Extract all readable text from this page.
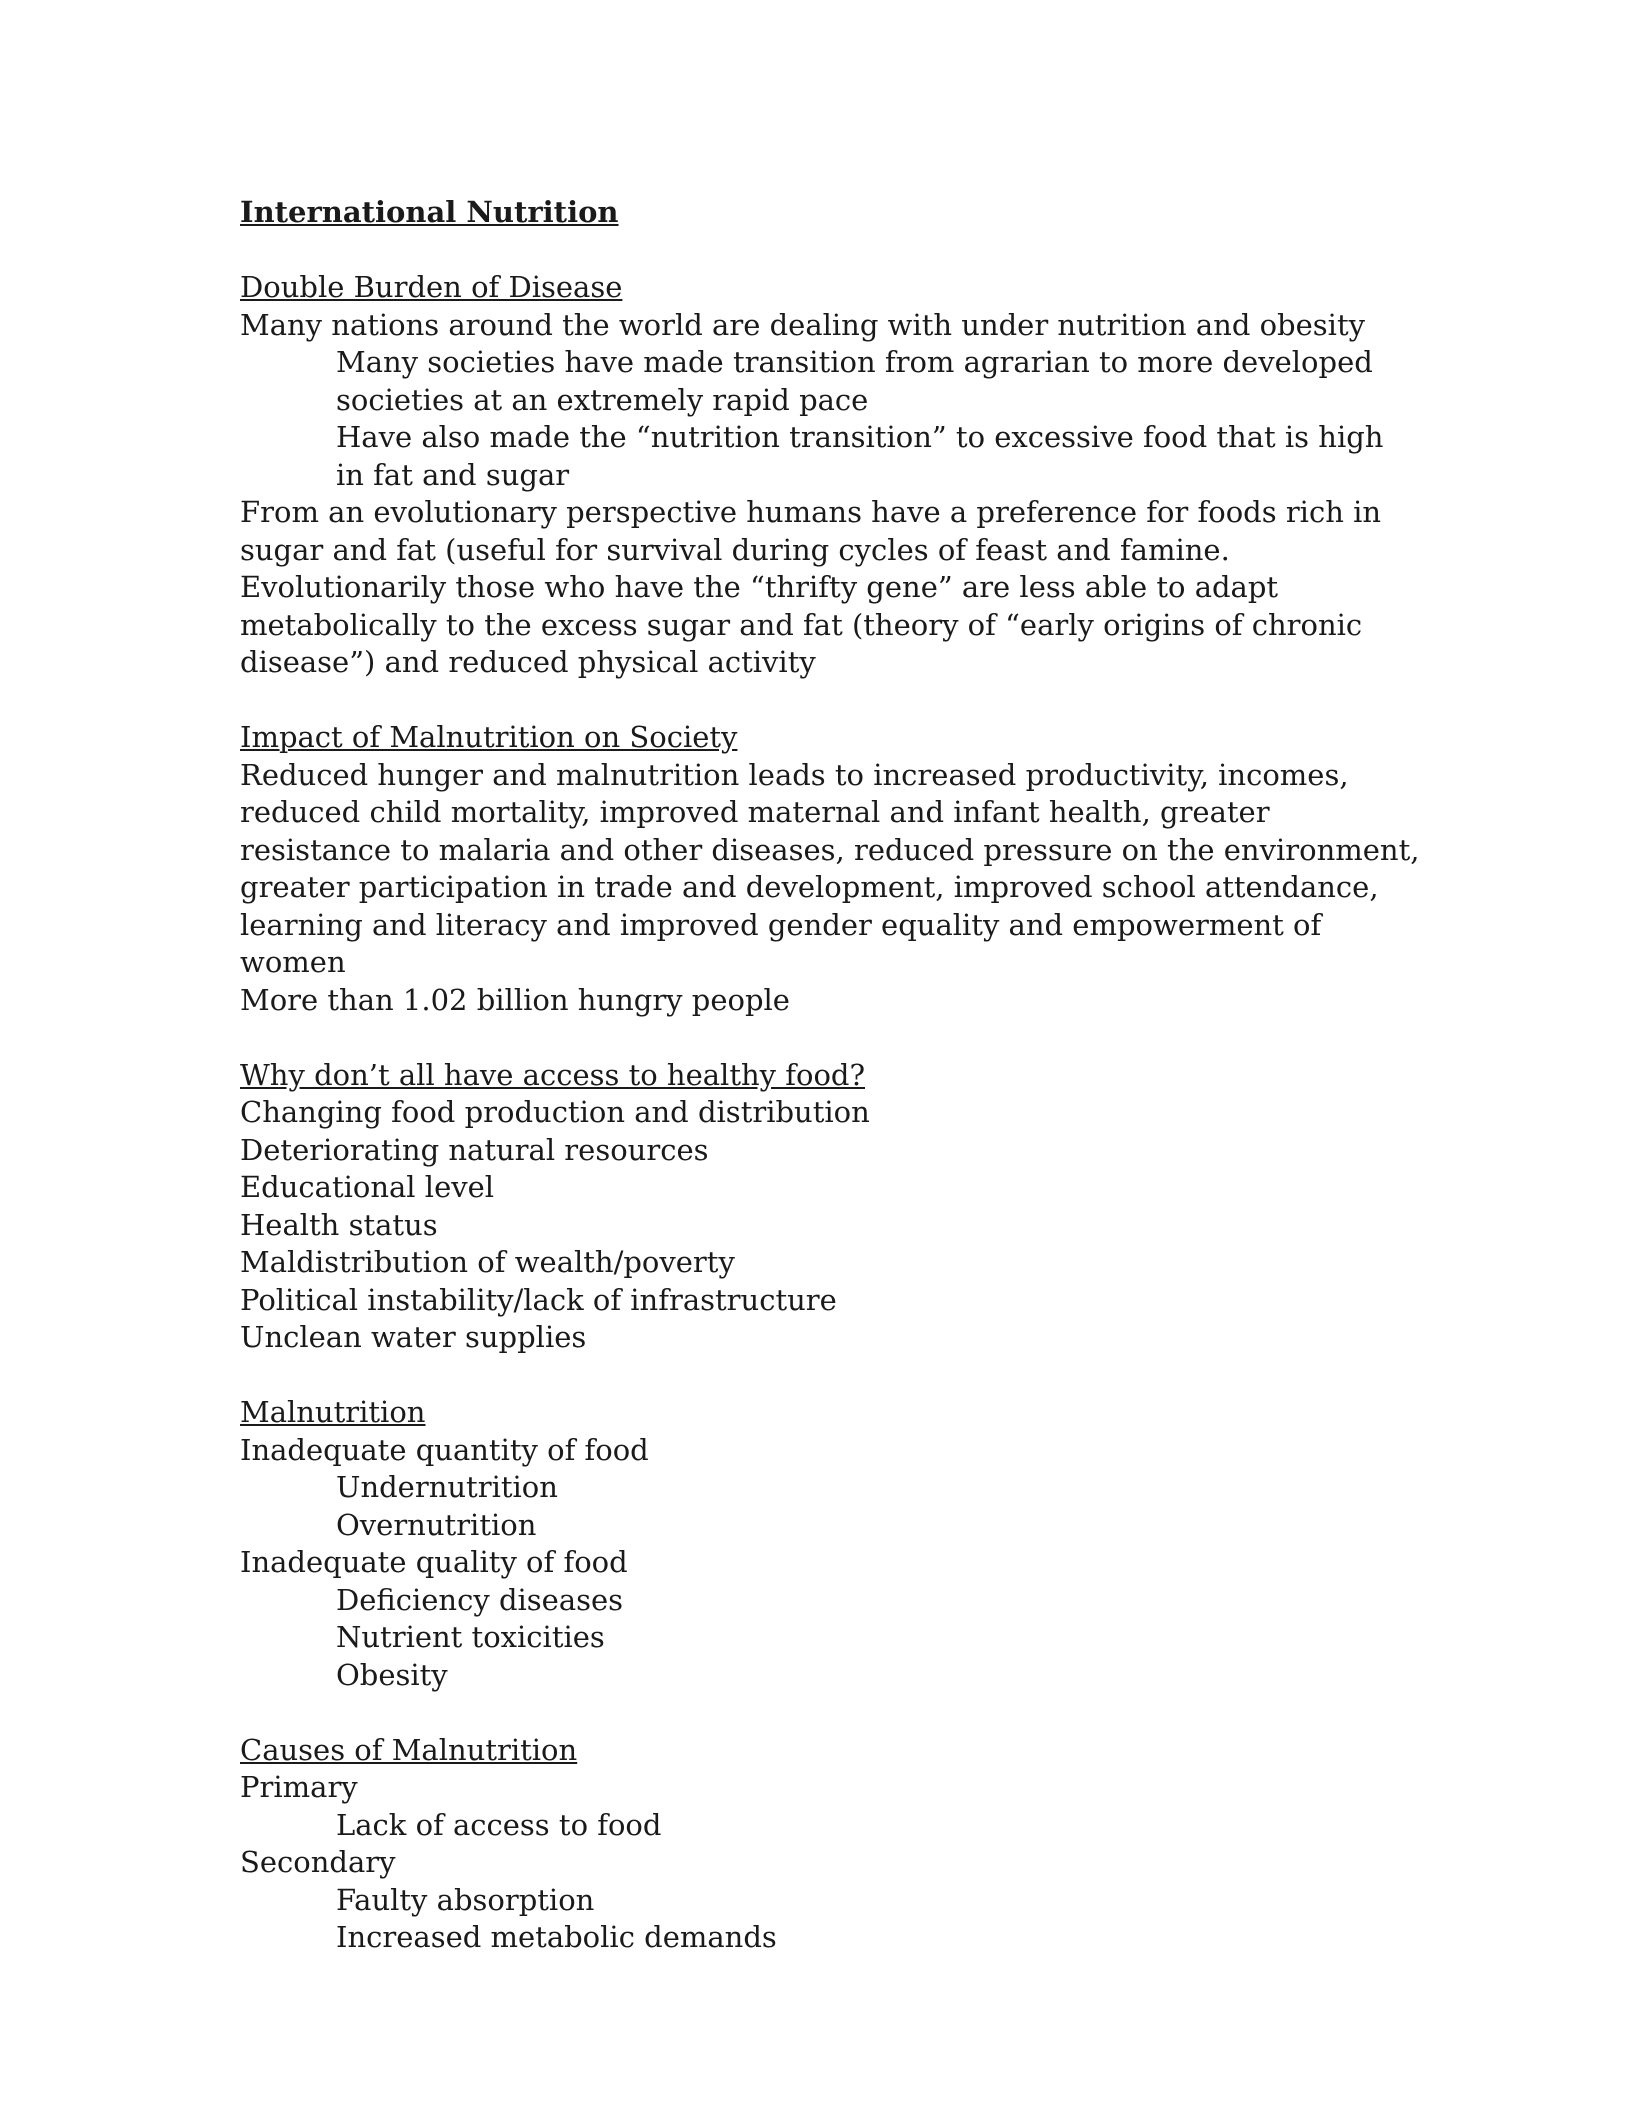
International Nutrition
Double Burden of Disease
Many nations around the world are dealing with under nutrition and obesity
Many societies have made transition from agrarian to more developed societies at an extremely rapid pace
Have also made the “nutrition transition” to excessive food that is high in fat and sugar
From an evolutionary perspective humans have a preference for foods rich in sugar and fat (useful for survival during cycles of feast and famine.
Evolutionarily those who have the “thrifty gene” are less able to adapt metabolically to the excess sugar and fat (theory of “early origins of chronic disease”) and reduced physical activity
Impact of Malnutrition on Society
Reduced hunger and malnutrition leads to increased productivity, incomes, reduced child mortality, improved maternal and infant health, greater resistance to malaria and other diseases, reduced pressure on the environment, greater participation in trade and development, improved school attendance, learning and literacy and improved gender equality and empowerment of women
More than 1.02 billion hungry people
Why don’t all have access to healthy food?
Changing food production and distribution
Deteriorating natural resources
Educational level
Health status
Maldistribution of wealth/poverty
Political instability/lack of infrastructure
Unclean water supplies
Malnutrition
Inadequate quantity of food
Undernutrition
Overnutrition
Inadequate quality of food
Deficiency diseases
Nutrient toxicities
Obesity
Causes of Malnutrition
Primary
Lack of access to food
Secondary
Faulty absorption
Increased metabolic demands
